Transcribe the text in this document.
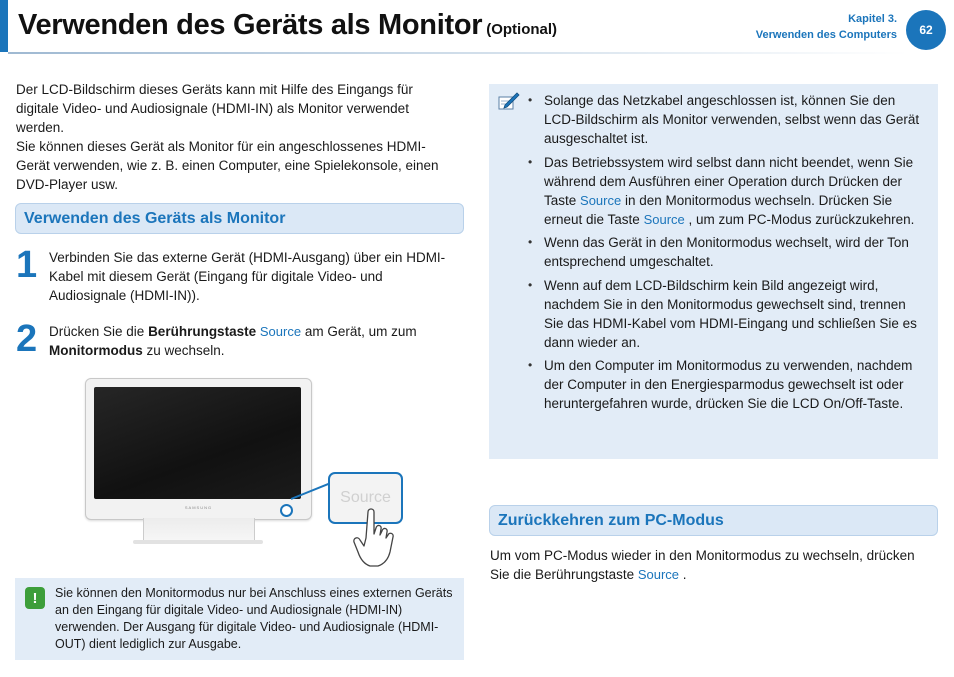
Verwenden des Geräts als Monitor (Optional)
Kapitel 3.
Verwenden des Computers	62

Der LCD-Bildschirm dieses Geräts kann mit Hilfe des Eingangs für digitale Video- und Audiosignale (HDMI-IN) als Monitor verwendet werden.

Sie können dieses Gerät als Monitor für ein angeschlossenes HDMI-Gerät verwenden, wie z. B. einen Computer, eine Spielekonsole, einen DVD-Player usw.

Verwenden des Geräts als Monitor
1 Verbinden Sie das externe Gerät (HDMI-Ausgang) über ein HDMI-Kabel mit diesem Gerät (Eingang für digitale Video- und Audiosignale (HDMI-IN)).
2 Drücken Sie die Berührungstaste Source am Gerät, um zum Monitormodus zu wechseln.
SAMSUNG
Source
!	Sie können den Monitormodus nur bei Anschluss eines externen Geräts an den Eingang für digitale Video- und Audiosignale (HDMI-IN) verwenden. Der Ausgang für digitale Video- und Audiosignale (HDMI-OUT) dient lediglich zur Ausgabe.
• Solange das Netzkabel angeschlossen ist, können Sie den LCD-Bildschirm als Monitor verwenden, selbst wenn das Gerät ausgeschaltet ist.
• Das Betriebssystem wird selbst dann nicht beendet, wenn Sie während dem Ausführen einer Operation durch Drücken der Taste Source in den Monitormodus wechseln. Drücken Sie erneut die Taste Source , um zum PC-Modus zurückzukehren.
• Wenn das Gerät in den Monitormodus wechselt, wird der Ton entsprechend umgeschaltet.
• Wenn auf dem LCD-Bildschirm kein Bild angezeigt wird, nachdem Sie in den Monitormodus gewechselt sind, trennen Sie das HDMI-Kabel vom HDMI-Eingang und schließen Sie es dann wieder an.
• Um den Computer im Monitormodus zu verwenden, nachdem der Computer in den Energiesparmodus gewechselt ist oder heruntergefahren wurde, drücken Sie die LCD On/Off-Taste.
Zurückkehren zum PC-Modus
Um vom PC-Modus wieder in den Monitormodus zu wechseln, drücken Sie die Berührungstaste Source .
